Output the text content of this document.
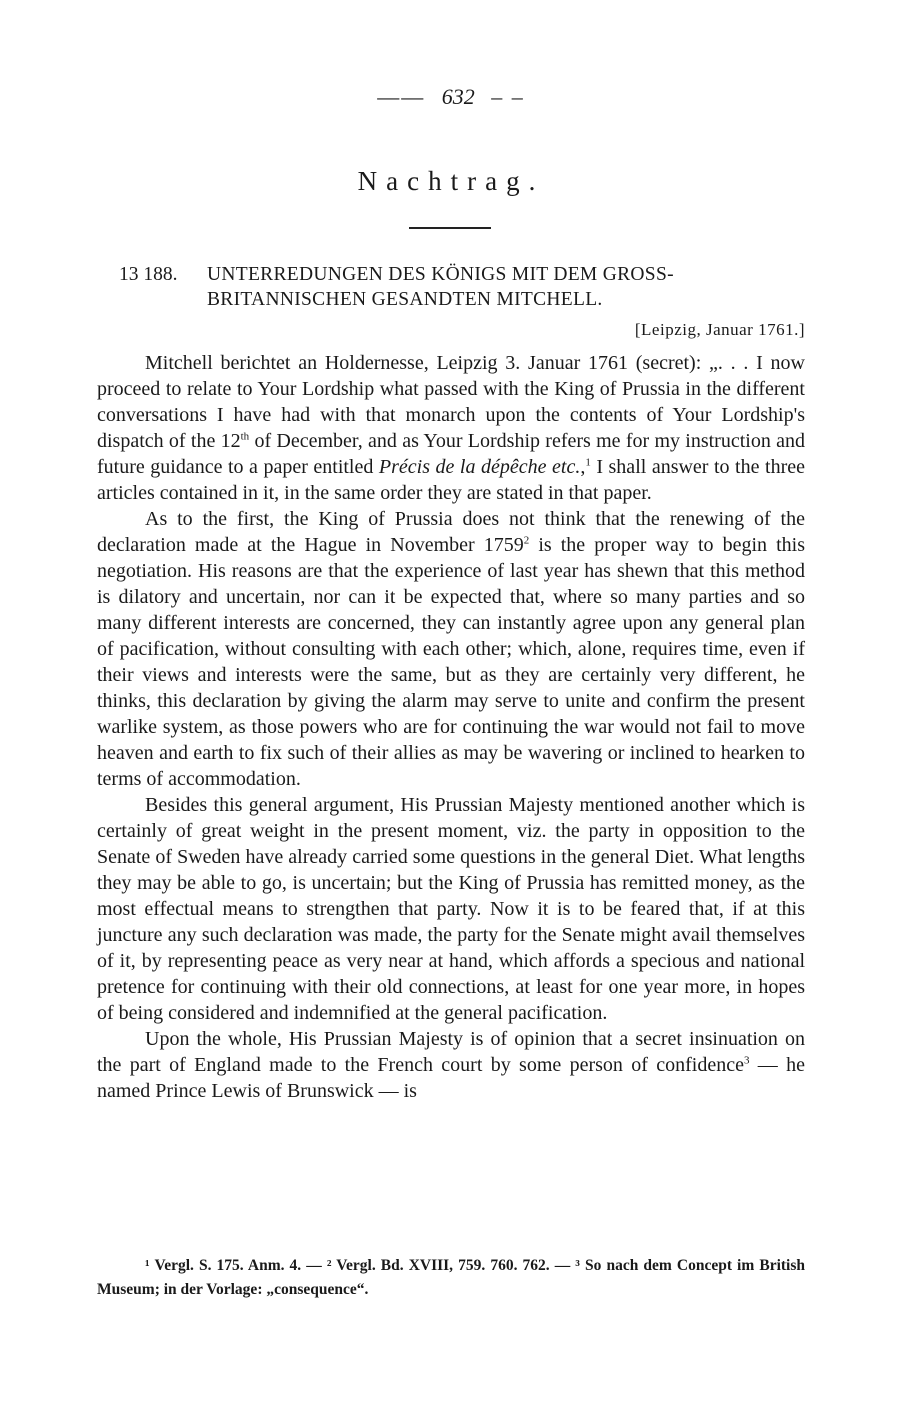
—— 632 – –
Nachtrag.
13 188. UNTERREDUNGEN DES KÖNIGS MIT DEM GROSS-
BRITANNISCHEN GESANDTEN MITCHELL.
[Leipzig, Januar 1761.]

Mitchell berichtet an Holdernesse, Leipzig 3. Januar 1761 (secret): „. . . I now proceed to relate to Your Lordship what passed with the King of Prussia in the different conversations I have had with that monarch upon the contents of Your Lordship's dispatch of the 12th of December, and as Your Lordship refers me for my instruction and future guidance to a paper entitled Précis de la dépêche etc.,$^1$ I shall answer to the three articles contained in it, in the same order they are stated in that paper.

As to the first, the King of Prussia does not think that the renewing of the declaration made at the Hague in November 1759$^2$ is the proper way to begin this negotiation. His reasons are that the experience of last year has shewn that this method is dilatory and uncertain, nor can it be expected that, where so many parties and so many different interests are concerned, they can instantly agree upon any general plan of pacification, without consulting with each other; which, alone, requires time, even if their views and interests were the same, but as they are certainly very different, he thinks, this declaration by giving the alarm may serve to unite and confirm the present warlike system, as those powers who are for continuing the war would not fail to move heaven and earth to fix such of their allies as may be wavering or inclined to hearken to terms of accommodation.

Besides this general argument, His Prussian Majesty mentioned another which is certainly of great weight in the present moment, viz. the party in opposition to the Senate of Sweden have already carried some questions in the general Diet. What lengths they may be able to go, is uncertain; but the King of Prussia has remitted money, as the most effectual means to strengthen that party. Now it is to be feared that, if at this juncture any such declaration was made, the party for the Senate might avail themselves of it, by representing peace as very near at hand, which affords a specious and national pretence for continuing with their old connections, at least for one year more, in hopes of being considered and indemnified at the general pacification.

Upon the whole, His Prussian Majesty is of opinion that a secret insinuation on the part of England made to the French court by some person of confidence$^3$ — he named Prince Lewis of Brunswick — is

¹ Vergl. S. 175. Anm. 4. — ² Vergl. Bd. XVIII, 759. 760. 762. — ³ So nach dem Concept im British Museum; in der Vorlage: „consequence“.
